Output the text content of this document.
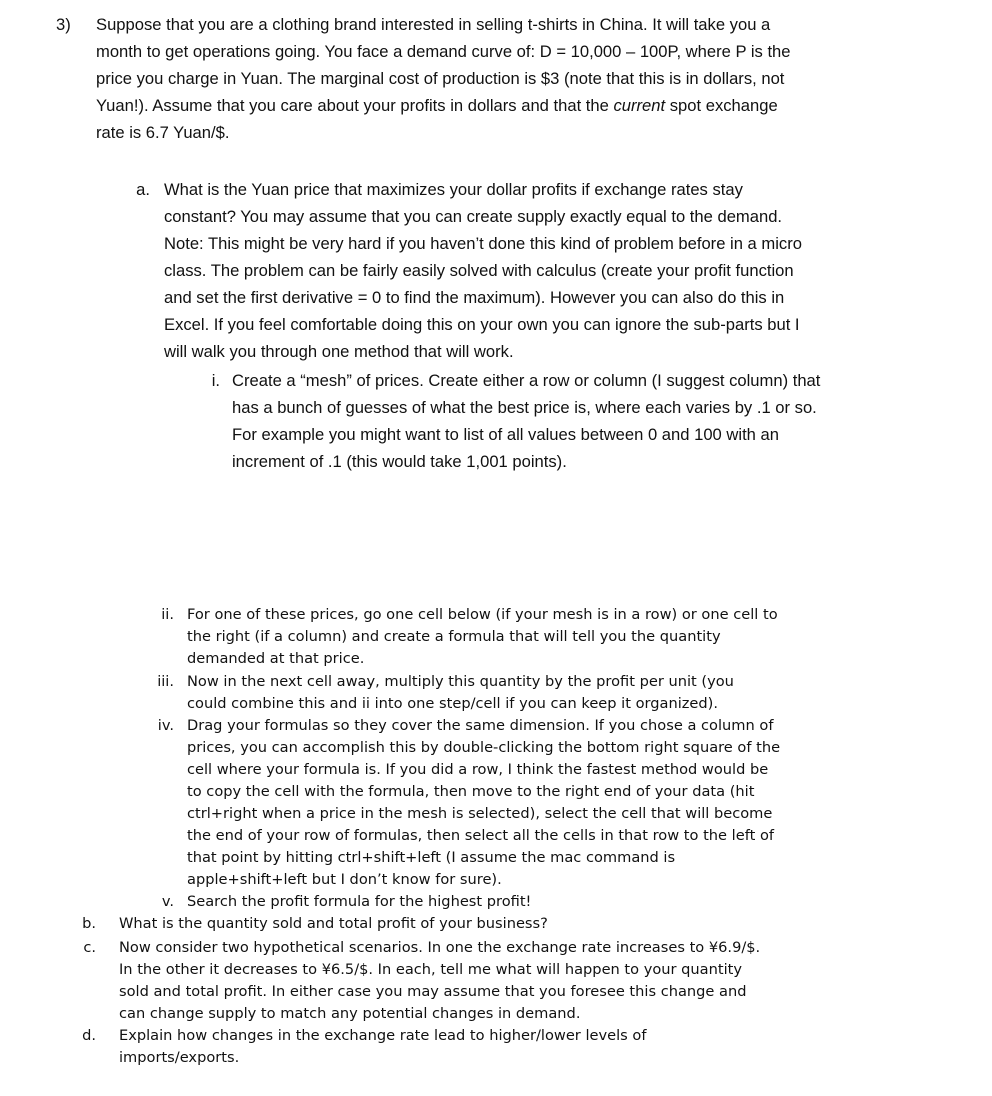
3)	Suppose that you are a clothing brand interested in selling t-shirts in China. It will take you a
month to get operations going. You face a demand curve of: D = 10,000 – 100P, where P is the
price you charge in Yuan. The marginal cost of production is $3 (note that this is in dollars, not
Yuan!). Assume that you care about your profits in dollars and that the current spot exchange
rate is 6.7 Yuan/$.
a. What is the Yuan price that maximizes your dollar profits if exchange rates stay
constant? You may assume that you can create supply exactly equal to the demand.
Note: This might be very hard if you haven’t done this kind of problem before in a micro
class. The problem can be fairly easily solved with calculus (create your profit function
and set the first derivative = 0 to find the maximum). However you can also do this in
Excel. If you feel comfortable doing this on your own you can ignore the sub-parts but I
will walk you through one method that will work.
i. Create a “mesh” of prices. Create either a row or column (I suggest column) that
has a bunch of guesses of what the best price is, where each varies by .1 or so.
For example you might want to list of all values between 0 and 100 with an
increment of .1 (this would take 1,001 points).
ii. For one of these prices, go one cell below (if your mesh is in a row) or one cell to
the right (if a column) and create a formula that will tell you the quantity
demanded at that price.
iii. Now in the next cell away, multiply this quantity by the profit per unit (you
could combine this and ii into one step/cell if you can keep it organized).
iv. Drag your formulas so they cover the same dimension. If you chose a column of
prices, you can accomplish this by double-clicking the bottom right square of the
cell where your formula is. If you did a row, I think the fastest method would be
to copy the cell with the formula, then move to the right end of your data (hit
ctrl+right when a price in the mesh is selected), select the cell that will become
the end of your row of formulas, then select all the cells in that row to the left of
that point by hitting ctrl+shift+left (I assume the mac command is
apple+shift+left but I don’t know for sure).
v. Search the profit formula for the highest profit!
b. What is the quantity sold and total profit of your business?
c. Now consider two hypothetical scenarios. In one the exchange rate increases to ¥6.9/$.
In the other it decreases to ¥6.5/$. In each, tell me what will happen to your quantity
sold and total profit. In either case you may assume that you foresee this change and
can change supply to match any potential changes in demand.
d. Explain how changes in the exchange rate lead to higher/lower levels of
imports/exports.
